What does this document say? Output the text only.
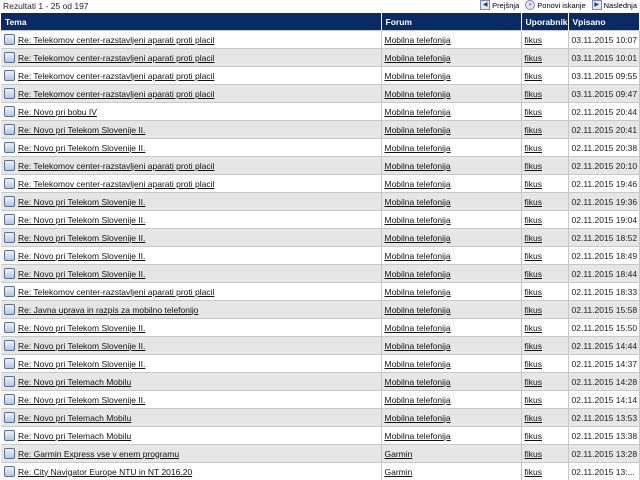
Rezultati 1 - 25 od 197	◀ Prejšnja	⌕ Ponovi iskanje	▶ Naslednja
Tema	Forum	Uporabnik	Vpisano

Re: Telekomov center-razstavljeni aparati proti placil	Mobilna telefonija	fikus	03.11.2015 10:07

Re: Telekomov center-razstavljeni aparati proti placil	Mobilna telefonija	fikus	03.11.2015 10:01

Re: Telekomov center-razstavljeni aparati proti placil	Mobilna telefonija	fikus	03.11.2015 09:55

Re: Telekomov center-razstavljeni aparati proti placil	Mobilna telefonija	fikus	03.11.2015 09:47

Re: Novo pri bobu IV	Mobilna telefonija	fikus	02.11.2015 20:44

Re: Novo pri Telekom Slovenije II.	Mobilna telefonija	fikus	02.11.2015 20:41

Re: Novo pri Telekom Slovenije II.	Mobilna telefonija	fikus	02.11.2015 20:38

Re: Telekomov center-razstavljeni aparati proti placil	Mobilna telefonija	fikus	02.11.2015 20:10

Re: Telekomov center-razstavljeni aparati proti placil	Mobilna telefonija	fikus	02.11.2015 19:46

Re: Novo pri Telekom Slovenije II.	Mobilna telefonija	fikus	02.11.2015 19:36

Re: Novo pri Telekom Slovenije II.	Mobilna telefonija	fikus	02.11.2015 19:04

Re: Novo pri Telekom Slovenije II.	Mobilna telefonija	fikus	02.11.2015 18:52

Re: Novo pri Telekom Slovenije II.	Mobilna telefonija	fikus	02.11.2015 18:49

Re: Novo pri Telekom Slovenije II.	Mobilna telefonija	fikus	02.11.2015 18:44

Re: Telekomov center-razstavljeni aparati proti placil	Mobilna telefonija	fikus	02.11.2015 18:33

Re: Javna uprava in razpis za mobilno telefonijo	Mobilna telefonija	fikus	02.11.2015 15:58

Re: Novo pri Telekom Slovenije II.	Mobilna telefonija	fikus	02.11.2015 15:50

Re: Novo pri Telekom Slovenije II.	Mobilna telefonija	fikus	02.11.2015 14:44

Re: Novo pri Telekom Slovenije II.	Mobilna telefonija	fikus	02.11.2015 14:37

Re: Novo pri Telemach Mobilu	Mobilna telefonija	fikus	02.11.2015 14:28

Re: Novo pri Telekom Slovenije II.	Mobilna telefonija	fikus	02.11.2015 14:14

Re: Novo pri Telemach Mobilu	Mobilna telefonija	fikus	02.11.2015 13:53

Re: Novo pri Telemach Mobilu	Mobilna telefonija	fikus	02.11.2015 13:38

Re: Garmin Express vse v enem programu	Garmin	fikus	02.11.2015 13:28

Re: City Navigator Europe NTU in NT 2016.20	Garmin	fikus	02.11.2015 13:...
